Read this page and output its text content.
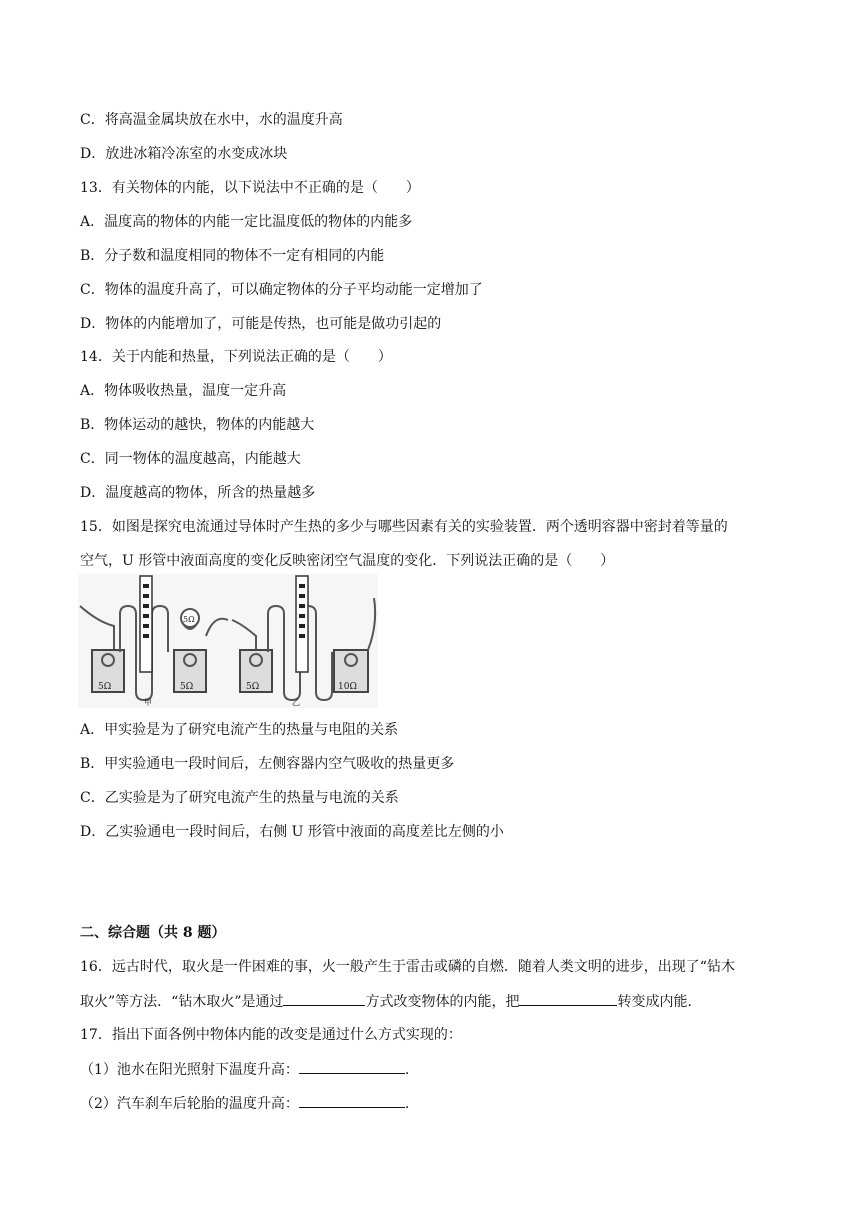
C．将高温金属块放在水中，水的温度升高
D．放进冰箱冷冻室的水变成冰块
13．有关物体的内能，以下说法中不正确的是（　　）
A．温度高的物体的内能一定比温度低的物体的内能多
B．分子数和温度相同的物体不一定有相同的内能
C．物体的温度升高了，可以确定物体的分子平均动能一定增加了
D．物体的内能增加了，可能是传热，也可能是做功引起的
14．关于内能和热量，下列说法正确的是（　　）
A．物体吸收热量，温度一定升高
B．物体运动的越快，物体的内能越大
C．同一物体的温度越高，内能越大
D．温度越高的物体，所含的热量越多
15．如图是探究电流通过导体时产生热的多少与哪些因素有关的实验装置．两个透明容器中密封着等量的
空气，U 形管中液面高度的变化反映密闭空气温度的变化．下列说法正确的是（　　）
5Ω	5Ω
5Ω
甲
5Ω	10Ω
乙
A．甲实验是为了研究电流产生的热量与电阻的关系
B．甲实验通电一段时间后，左侧容器内空气吸收的热量更多
C．乙实验是为了研究电流产生的热量与电流的关系
D．乙实验通电一段时间后，右侧 U 形管中液面的高度差比左侧的小
二、综合题（共 8 题）
16．远古时代，取火是一件困难的事，火一般产生于雷击或磷的自燃．随着人类文明的进步，出现了“钻木
取火”等方法．“钻木取火”是通过	方式改变物体的内能，把	转变成内能．
17．指出下面各例中物体内能的改变是通过什么方式实现的：
（1）池水在阳光照射下温度升高：	.
（2）汽车刹车后轮胎的温度升高：	.
